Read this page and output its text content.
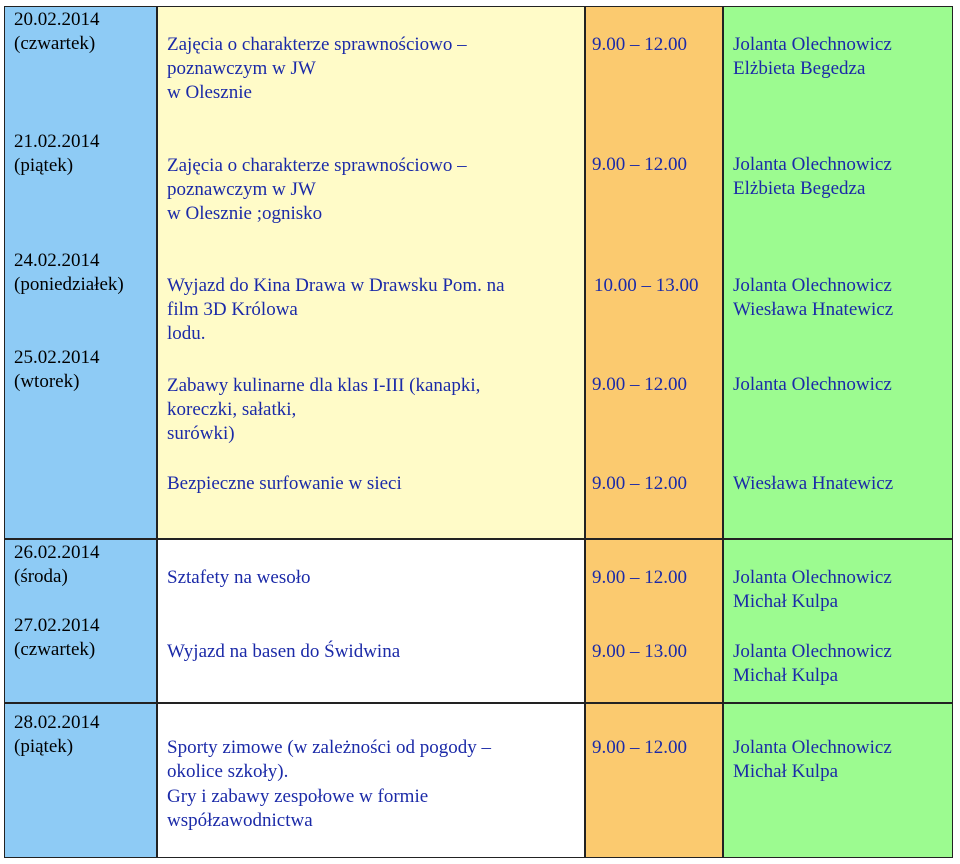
20.02.2014
(czwartek)	Zajęcia o charakterze sprawnościowo –
poznawczym w JW
w Olesznie
9.00 – 12.00 Jolanta Olechnowicz
Elżbieta Begedza
21.02.2014
(piątek)	Zajęcia o charakterze sprawnościowo –
poznawczym w JW
w Olesznie ;ognisko
9.00 – 12.00 Jolanta Olechnowicz
Elżbieta Begedza
24.02.2014
(poniedziałek) Wyjazd do Kina Drawa w Drawsku Pom. na
film 3D Królowa
lodu.
10.00 – 13.00 Jolanta Olechnowicz
Wiesława Hnatewicz
25.02.2014
(wtorek)	Zabawy kulinarne dla klas I-III (kanapki,
koreczki, sałatki,
surówki)
9.00 – 12.00 Jolanta Olechnowicz
Bezpieczne surfowanie w sieci	9.00 – 12.00 Wiesława Hnatewicz
26.02.2014
(środa)	Sztafety na wesoło	9.00 – 12.00 Jolanta Olechnowicz
Michał Kulpa
27.02.2014
(czwartek)	Wyjazd na basen do Świdwina	9.00 – 13.00 Jolanta Olechnowicz
Michał Kulpa
28.02.2014
(piątek)	Sporty zimowe (w zależności od pogody –
okolice szkoły).
Gry i zabawy zespołowe w formie
współzawodnictwa
9.00 – 12.00 Jolanta Olechnowicz
Michał Kulpa
